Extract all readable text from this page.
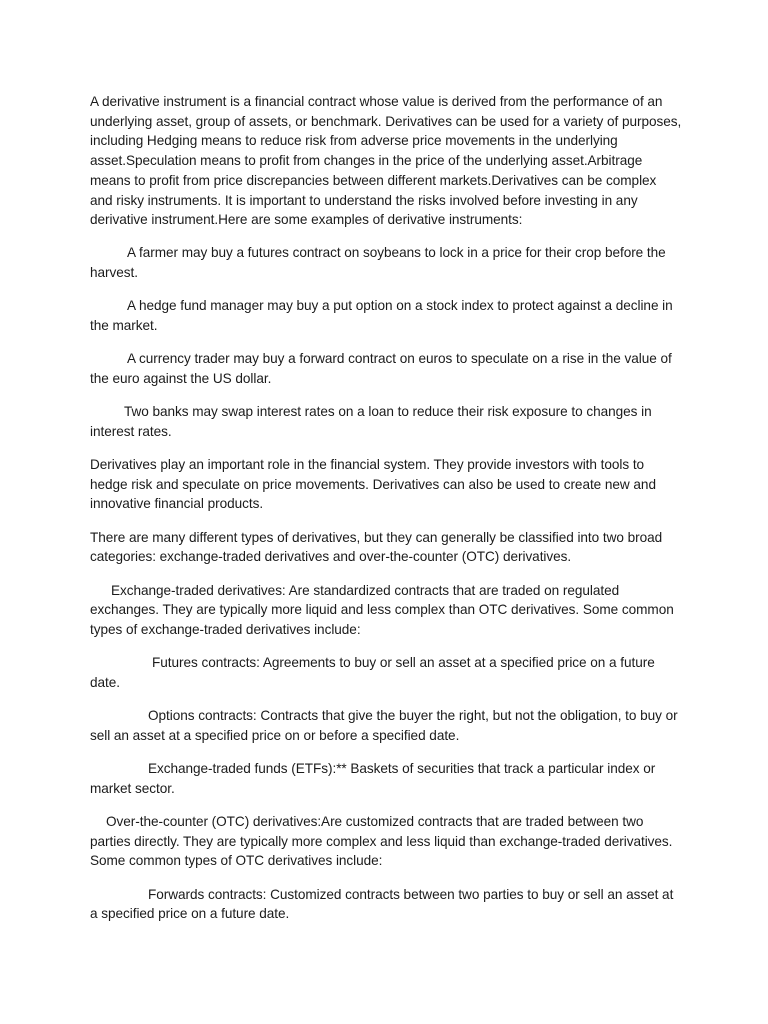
A derivative instrument is a financial contract whose value is derived from the performance of an underlying asset, group of assets, or benchmark. Derivatives can be used for a variety of purposes, including Hedging means to reduce risk from adverse price movements in the underlying asset.Speculation means to profit from changes in the price of the underlying asset.Arbitrage means to profit from price discrepancies between different markets.Derivatives can be complex and risky instruments. It is important to understand the risks involved before investing in any derivative instrument.Here are some examples of derivative instruments:

A farmer may buy a futures contract on soybeans to lock in a price for their crop before the harvest.

A hedge fund manager may buy a put option on a stock index to protect against a decline in the market.

A currency trader may buy a forward contract on euros to speculate on a rise in the value of the euro against the US dollar.

Two banks may swap interest rates on a loan to reduce their risk exposure to changes in interest rates.

Derivatives play an important role in the financial system. They provide investors with tools to hedge risk and speculate on price movements. Derivatives can also be used to create new and innovative financial products.

There are many different types of derivatives, but they can generally be classified into two broad categories: exchange-traded derivatives and over-the-counter (OTC) derivatives.

Exchange-traded derivatives: Are standardized contracts that are traded on regulated exchanges. They are typically more liquid and less complex than OTC derivatives. Some common types of exchange-traded derivatives include:

Futures contracts: Agreements to buy or sell an asset at a specified price on a future date.

Options contracts: Contracts that give the buyer the right, but not the obligation, to buy or sell an asset at a specified price on or before a specified date.

Exchange-traded funds (ETFs):** Baskets of securities that track a particular index or market sector.

Over-the-counter (OTC) derivatives:Are customized contracts that are traded between two parties directly. They are typically more complex and less liquid than exchange-traded derivatives. Some common types of OTC derivatives include:

Forwards contracts: Customized contracts between two parties to buy or sell an asset at a specified price on a future date.
